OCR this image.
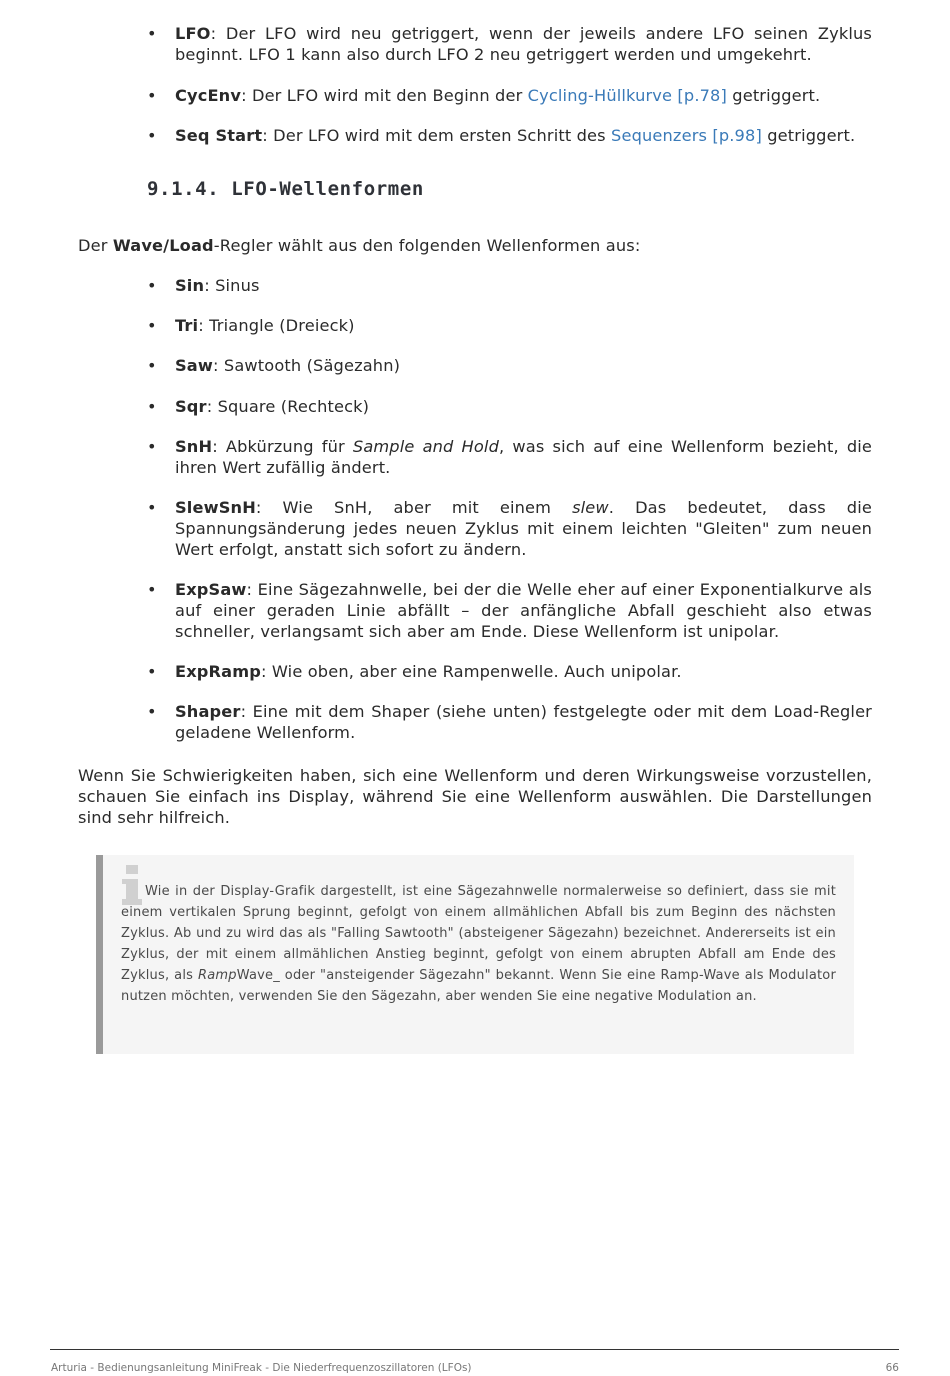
• LFO: Der LFO wird neu getriggert, wenn der jeweils andere LFO seinen Zyklus beginnt. LFO 1 kann also durch LFO 2 neu getriggert werden und umgekehrt.
• CycEnv: Der LFO wird mit den Beginn der Cycling-Hüllkurve [p.78] getriggert.
• Seq Start: Der LFO wird mit dem ersten Schritt des Sequenzers [p.98] getriggert.
9.1.4. LFO-Wellenformen

Der Wave/Load-Regler wählt aus den folgenden Wellenformen aus:

• Sin: Sinus
• Tri: Triangle (Dreieck)
• Saw: Sawtooth (Sägezahn)
• Sqr: Square (Rechteck)
• SnH: Abkürzung für Sample and Hold, was sich auf eine Wellenform bezieht, die ihren Wert zufällig ändert.
• SlewSnH: Wie SnH, aber mit einem slew. Das bedeutet, dass die Spannungsänderung jedes neuen Zyklus mit einem leichten "Gleiten" zum neuen Wert erfolgt, anstatt sich sofort zu ändern.
• ExpSaw: Eine Sägezahnwelle, bei der die Welle eher auf einer Exponentialkurve als auf einer geraden Linie abfällt – der anfängliche Abfall geschieht also etwas schneller, verlangsamt sich aber am Ende. Diese Wellenform ist unipolar.
• ExpRamp: Wie oben, aber eine Rampenwelle. Auch unipolar.
• Shaper: Eine mit dem Shaper (siehe unten) festgelegte oder mit dem Load-Regler geladene Wellenform.

Wenn Sie Schwierigkeiten haben, sich eine Wellenform und deren Wirkungsweise vorzustellen, schauen Sie einfach ins Display, während Sie eine Wellenform auswählen. Die Darstellungen sind sehr hilfreich.

Wie in der Display-Grafik dargestellt, ist eine Sägezahnwelle normalerweise so definiert, dass sie mit einem vertikalen Sprung beginnt, gefolgt von einem allmählichen Abfall bis zum Beginn des nächsten Zyklus. Ab und zu wird das als "Falling Sawtooth" (absteigener Sägezahn) bezeichnet. Andererseits ist ein Zyklus, der mit einem allmählichen Anstieg beginnt, gefolgt von einem abrupten Abfall am Ende des Zyklus, als RampWave_ oder "ansteigender Sägezahn" bekannt. Wenn Sie eine Ramp-Wave als Modulator nutzen möchten, verwenden Sie den Sägezahn, aber wenden Sie eine negative Modulation an.

Arturia - Bedienungsanleitung MiniFreak - Die Niederfrequenzoszillatoren (LFOs)	66
